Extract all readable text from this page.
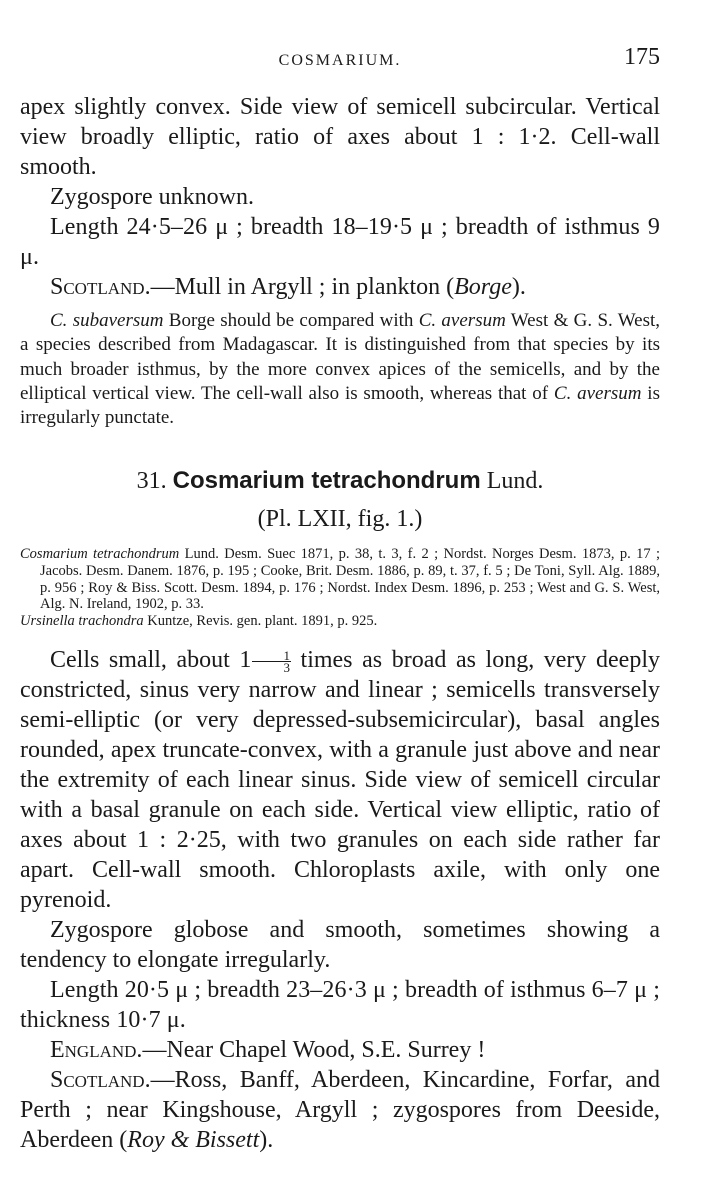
COSMARIUM.	175

apex slightly convex. Side view of semicell subcircular. Vertical view broadly elliptic, ratio of axes about 1 : 1·2. Cell-wall smooth.

Zygospore unknown.

Length 24·5–26 μ ; breadth 18–19·5 μ ; breadth of isthmus 9 μ.

Scotland.—Mull in Argyll ; in plankton (Borge).

C. subaversum Borge should be compared with C. aversum West & G. S. West, a species described from Madagascar. It is distinguished from that species by its much broader isthmus, by the more convex apices of the semicells, and by the elliptical vertical view. The cell-wall also is smooth, whereas that of C. aversum is irregularly punctate.

31. Cosmarium tetrachondrum Lund.
(Pl. LXII, fig. 1.)
Cosmarium tetrachondrum Lund. Desm. Suec 1871, p. 38, t. 3, f. 2 ; Nordst. Norges Desm. 1873, p. 17 ; Jacobs. Desm. Danem. 1876, p. 195 ; Cooke, Brit. Desm. 1886, p. 89, t. 37, f. 5 ; De Toni, Syll. Alg. 1889, p. 956 ; Roy & Biss. Scott. Desm. 1894, p. 176 ; Nordst. Index Desm. 1896, p. 253 ; West and G. S. West, Alg. N. Ireland, 1902, p. 33.
Ursinella trachondra Kuntze, Revis. gen. plant. 1891, p. 925.

Cells small, about $1 \frac{1}{3}$ times as broad as long, very deeply constricted, sinus very narrow and linear ; semicells transversely semi-elliptic (or very depressed-subsemicircular), basal angles rounded, apex truncate-convex, with a granule just above and near the extremity of each linear sinus. Side view of semicell circular with a basal granule on each side. Vertical view elliptic, ratio of axes about 1 : 2·25, with two granules on each side rather far apart. Cell-wall smooth. Chloroplasts axile, with only one pyrenoid.

Zygospore globose and smooth, sometimes showing a tendency to elongate irregularly.

Length 20·5 μ ; breadth 23–26·3 μ ; breadth of isthmus 6–7 μ ; thickness 10·7 μ.

England.—Near Chapel Wood, S.E. Surrey !

Scotland.—Ross, Banff, Aberdeen, Kincardine, Forfar, and Perth ; near Kingshouse, Argyll ; zygospores from Deeside, Aberdeen (Roy & Bissett).
